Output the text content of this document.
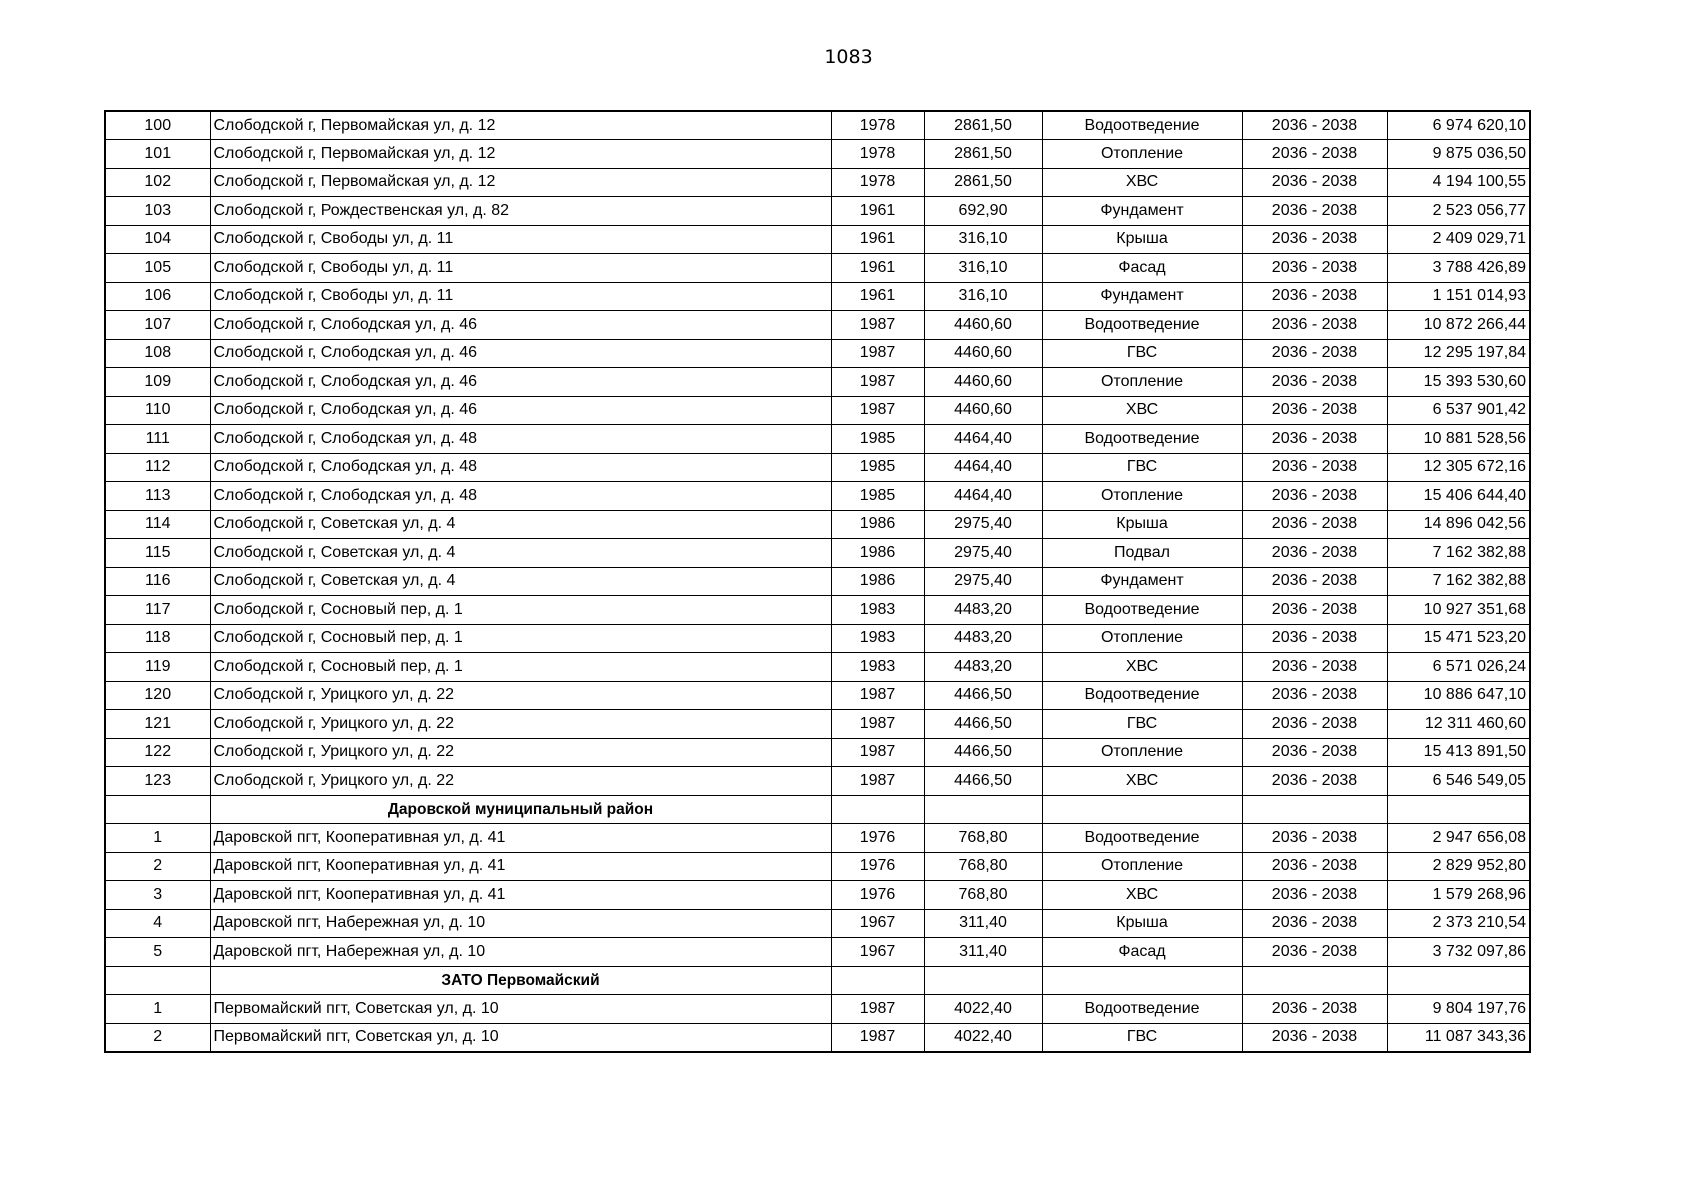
1083
100	Слободской г, Первомайская ул, д. 12	1978	2861,50	Водоотведение	2036 - 2038	6 974 620,10
101	Слободской г, Первомайская ул, д. 12	1978	2861,50	Отопление	2036 - 2038	9 875 036,50
102	Слободской г, Первомайская ул, д. 12	1978	2861,50	ХВС	2036 - 2038	4 194 100,55
103	Слободской г, Рождественская ул, д. 82	1961	692,90	Фундамент	2036 - 2038	2 523 056,77
104	Слободской г, Свободы ул, д. 11	1961	316,10	Крыша	2036 - 2038	2 409 029,71
105	Слободской г, Свободы ул, д. 11	1961	316,10	Фасад	2036 - 2038	3 788 426,89
106	Слободской г, Свободы ул, д. 11	1961	316,10	Фундамент	2036 - 2038	1 151 014,93
107	Слободской г, Слободская ул, д. 46	1987	4460,60	Водоотведение	2036 - 2038	10 872 266,44
108	Слободской г, Слободская ул, д. 46	1987	4460,60	ГВС	2036 - 2038	12 295 197,84
109	Слободской г, Слободская ул, д. 46	1987	4460,60	Отопление	2036 - 2038	15 393 530,60
110	Слободской г, Слободская ул, д. 46	1987	4460,60	ХВС	2036 - 2038	6 537 901,42
111	Слободской г, Слободская ул, д. 48	1985	4464,40	Водоотведение	2036 - 2038	10 881 528,56
112	Слободской г, Слободская ул, д. 48	1985	4464,40	ГВС	2036 - 2038	12 305 672,16
113	Слободской г, Слободская ул, д. 48	1985	4464,40	Отопление	2036 - 2038	15 406 644,40
114	Слободской г, Советская ул, д. 4	1986	2975,40	Крыша	2036 - 2038	14 896 042,56
115	Слободской г, Советская ул, д. 4	1986	2975,40	Подвал	2036 - 2038	7 162 382,88
116	Слободской г, Советская ул, д. 4	1986	2975,40	Фундамент	2036 - 2038	7 162 382,88
117	Слободской г, Сосновый пер, д. 1	1983	4483,20	Водоотведение	2036 - 2038	10 927 351,68
118	Слободской г, Сосновый пер, д. 1	1983	4483,20	Отопление	2036 - 2038	15 471 523,20
119	Слободской г, Сосновый пер, д. 1	1983	4483,20	ХВС	2036 - 2038	6 571 026,24
120	Слободской г, Урицкого ул, д. 22	1987	4466,50	Водоотведение	2036 - 2038	10 886 647,10
121	Слободской г, Урицкого ул, д. 22	1987	4466,50	ГВС	2036 - 2038	12 311 460,60
122	Слободской г, Урицкого ул, д. 22	1987	4466,50	Отопление	2036 - 2038	15 413 891,50
123	Слободской г, Урицкого ул, д. 22	1987	4466,50	ХВС	2036 - 2038	6 546 549,05
	Даровской муниципальный район					
1	Даровской пгт, Кооперативная ул, д. 41	1976	768,80	Водоотведение	2036 - 2038	2 947 656,08
2	Даровской пгт, Кооперативная ул, д. 41	1976	768,80	Отопление	2036 - 2038	2 829 952,80
3	Даровской пгт, Кооперативная ул, д. 41	1976	768,80	ХВС	2036 - 2038	1 579 268,96
4	Даровской пгт, Набережная ул, д. 10	1967	311,40	Крыша	2036 - 2038	2 373 210,54
5	Даровской пгт, Набережная ул, д. 10	1967	311,40	Фасад	2036 - 2038	3 732 097,86
	ЗАТО Первомайский					
1	Первомайский пгт, Советская ул, д. 10	1987	4022,40	Водоотведение	2036 - 2038	9 804 197,76
2	Первомайский пгт, Советская ул, д. 10	1987	4022,40	ГВС	2036 - 2038	11 087 343,36
